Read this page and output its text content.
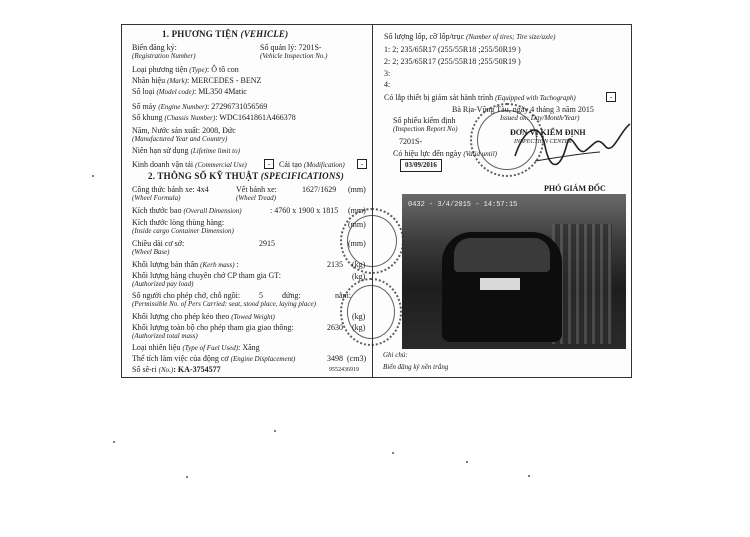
1. PHƯƠNG TIỆN (VEHICLE)
Biển đăng ký:
(Registration Number)
Số quản lý: 7201S-
(Vehicle Inspection No.)
Loại phương tiện (Type): Ô tô con
Nhãn hiệu (Mark): MERCEDES - BENZ
Số loại (Model code): ML350 4Matic
Số máy (Engine Number): 27296731056569
Số khung (Chassis Number): WDC1641861A466378
Năm, Nước sản xuất: 2008, Đức
(Manufactured Year and Country)
Niên hạn sử dụng (Lifetime limit to)
Kinh doanh vận tải (Commercial Use)	-	Cải tạo (Modification)	-
2. THÔNG SỐ KỸ THUẬT (SPECIFICATIONS)
Công thức bánh xe: 4x4
(Wheel Formula)
Vết bánh xe:	1627/1629
(Wheel Tread)
(mm)
Kích thước bao (Overall Dimension)	: 4760 x 1900 x 1815 (mm)
Kích thước lòng thùng hàng:
(Inside cargo Container Dimension)
(mm)
Chiều dài cơ sở:	2915
(Wheel Base)
(mm)
Khối lượng bản thân (Kerb mass) :	2135 (kg)
Khối lượng hàng chuyên chở CP tham gia GT:
(Authorized pay load)
(kg)
Số người cho phép chở, chỗ ngồi: 5 đứng:	nằm:
(Permissible No. of Pers Carried: seat, stood place, laying place)
Khối lượng cho phép kéo theo (Towed Weight)	(kg)
Khối lượng toàn bộ cho phép tham gia giao thông:	2630 (kg)
(Authorized total mass)
Loại nhiên liệu (Type of Fuel Used): Xăng
Thể tích làm việc của động cơ (Engine Displacement)	3498 (cm3)
Số sê-ri (No.): KA-3754577	9552436919
Số lượng lốp, cỡ lốp/trục (Number of tires; Tire size/axle)
1: 2; 235/65R17 (255/55R18 ;255/50R19 )
2: 2; 235/65R17 (255/55R18 ;255/50R19 )
3:
4:
Có lắp thiết bị giám sát hành trình (Equipped with Tachograph)	-
Bà Rịa-Vũng Tàu, ngày 4 tháng 3 năm 2015
Issued on: Day/Month/Year)
Số phiếu kiểm định
(Inspection Report No)
7201S-
ĐƠN VỊ KIỂM ĐỊNH
INSPECTION CENTER
Có hiệu lực đến ngày (Valid until)
03/09/2016
PHÓ GIÁM ĐỐC
Ghi chú:
Biển đăng ký nền trắng
0432 - 3/4/2015 - 14:57:15
